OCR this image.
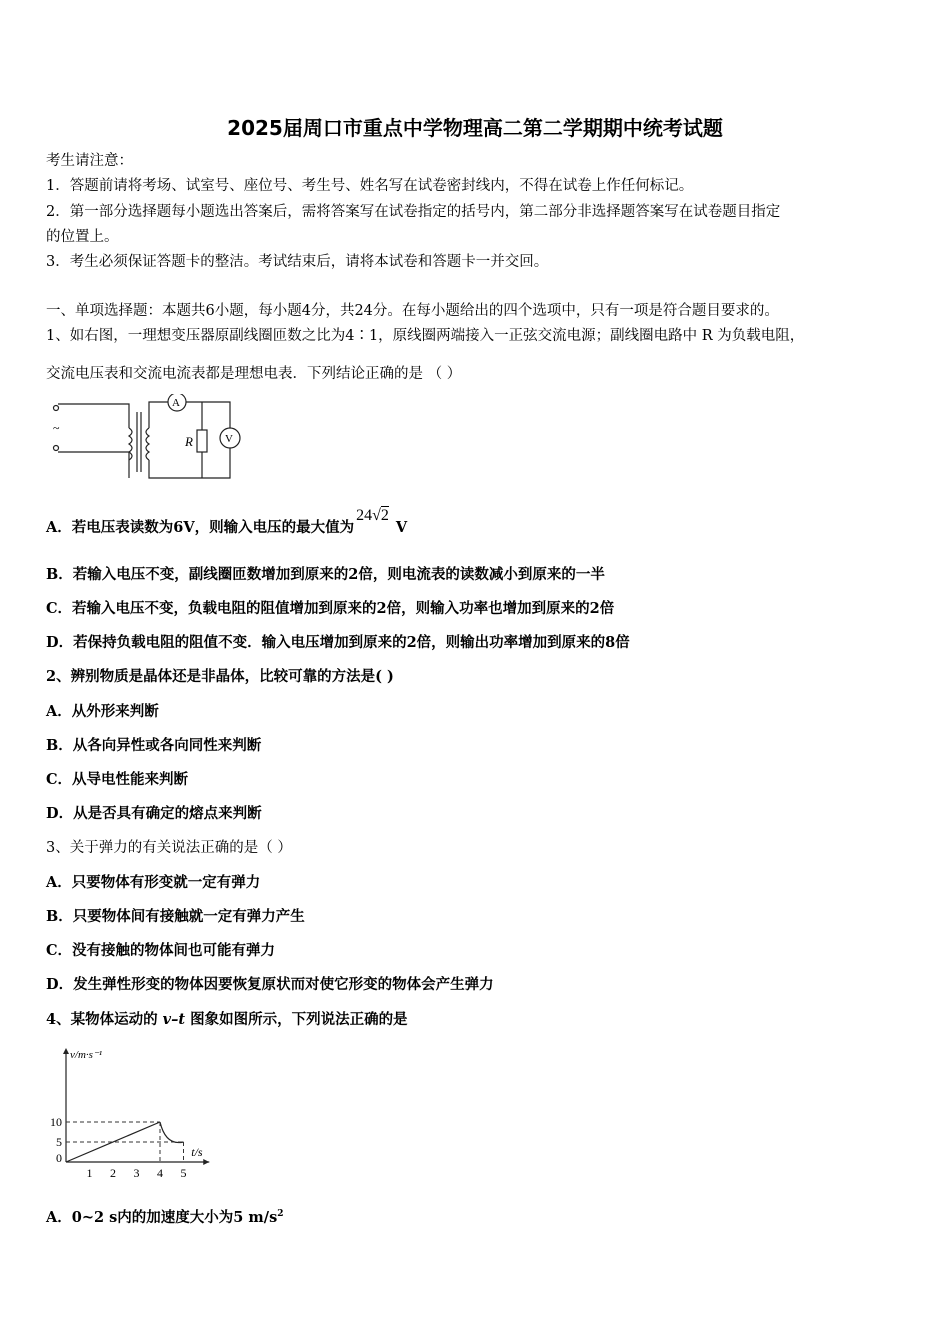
2025届周口市重点中学物理高二第二学期期中统考试题
考生请注意：
1．答题前请将考场、试室号、座位号、考生号、姓名写在试卷密封线内，不得在试卷上作任何标记。
2．第一部分选择题每小题选出答案后，需将答案写在试卷指定的括号内，第二部分非选择题答案写在试卷题目指定
的位置上。
3．考生必须保证答题卡的整洁。考试结束后，请将本试卷和答题卡一并交回。
一、单项选择题：本题共6小题，每小题4分，共24分。在每小题给出的四个选项中，只有一项是符合题目要求的。
1、如右图，一理想变压器原副线圈匝数之比为4∶1，原线圈两端接入一正弦交流电源；副线圈电路中 R 为负载电阻，
交流电压表和交流电流表都是理想电表．下列结论正确的是 （ ）
~
A
R	V
A．若电压表读数为6V，则输入电压的最大值为24√2 V
B．若输入电压不变，副线圈匝数增加到原来的2倍，则电流表的读数减小到原来的一半
C．若输入电压不变，负载电阻的阻值增加到原来的2倍，则输入功率也增加到原来的2倍
D．若保持负载电阻的阻值不变．输入电压增加到原来的2倍，则输出功率增加到原来的8倍
2、辨别物质是晶体还是非晶体，比较可靠的方法是( )
A．从外形来判断
B．从各向异性或各向同性来判断
C．从导电性能来判断
D．从是否具有确定的熔点来判断
3、关于弹力的有关说法正确的是（ ）
A．只要物体有形变就一定有弹力
B．只要物体间有接触就一定有弹力产生
C．没有接触的物体间也可能有弹力
D．发生弹性形变的物体因要恢复原状而对使它形变的物体会产生弹力
4、某物体运动的 v–t 图象如图所示，下列说法正确的是
v/m·s⁻¹
t/s
1 2 3 4 5
0
5
10
A．0~2 s内的加速度大小为5 $m/s^2$
